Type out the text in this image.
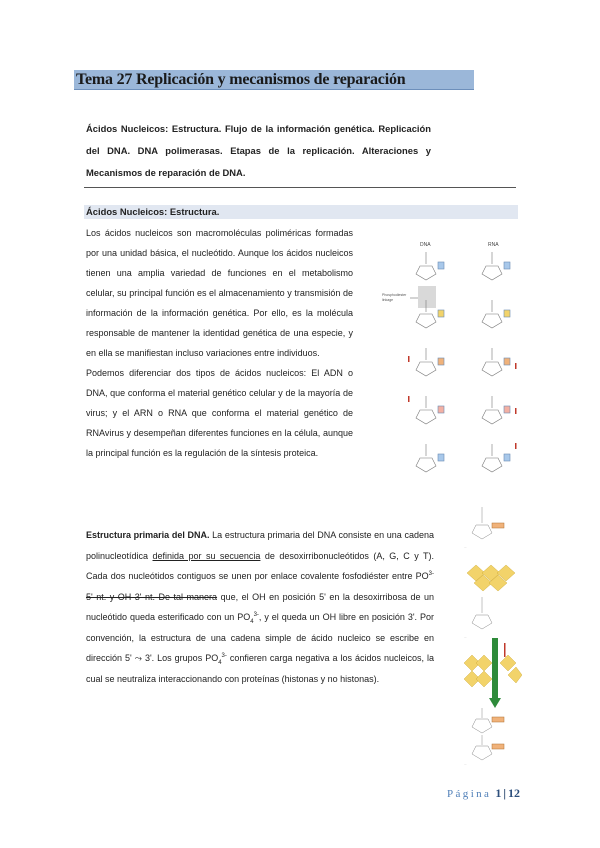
Tema 27 Replicación y mecanismos de reparación

Ácidos Nucleicos: Estructura. Flujo de la información genética. Replicación del DNA. DNA polimerasas. Etapas de la replicación. Alteraciones y Mecanismos de reparación de DNA.

Ácidos Nucleicos: Estructura.

Los ácidos nucleicos son macromoléculas poliméricas formadas por una unidad básica, el nucleótido. Aunque los ácidos nucleicos tienen una amplia variedad de funciones en el metabolismo celular, su principal función es el almacenamiento y transmisión de información de la información genética. Por ello, es la molécula responsable de mantener la identidad genética de una especie, y en ella se manifiestan incluso variaciones entre individuos.

Podemos diferenciar dos tipos de ácidos nucleicos: El ADN o DNA, que conforma el material genético celular y de la mayoría de virus; y el ARN o RNA que conforma el material genético de RNAvirus y desempeñan diferentes funciones en la célula, aunque la principal función es la regulación de la síntesis proteica.

DNA	RNA
Phosphodiester
linkage

Estructura primaria del DNA. La estructura primaria del DNA consiste en una cadena polinucleotídica definida por su secuencia de desoxirribonucleótidos (A, G, C y T). Cada dos nucleótidos contiguos se unen por enlace covalente fosfodiéster entre $PO^{3-}$ 5' nt. y OH 3' nt. De tal manera que, el OH en posición 5' en la desoxirribosa de un nucleótido queda esterificado con un $PO_4^{3-}$, y el queda un OH libre en posición 3'. Por convención, la estructura de una cadena simple de ácido nucleico se escribe en dirección 5' ⤳ 3'. Los grupos $PO_4^{3-}$ confieren carga negativa a los ácidos nucleicos, la cual se neutraliza interaccionando con proteínas (histonas y no histonas).

...
...
...
Página 1 | 12
